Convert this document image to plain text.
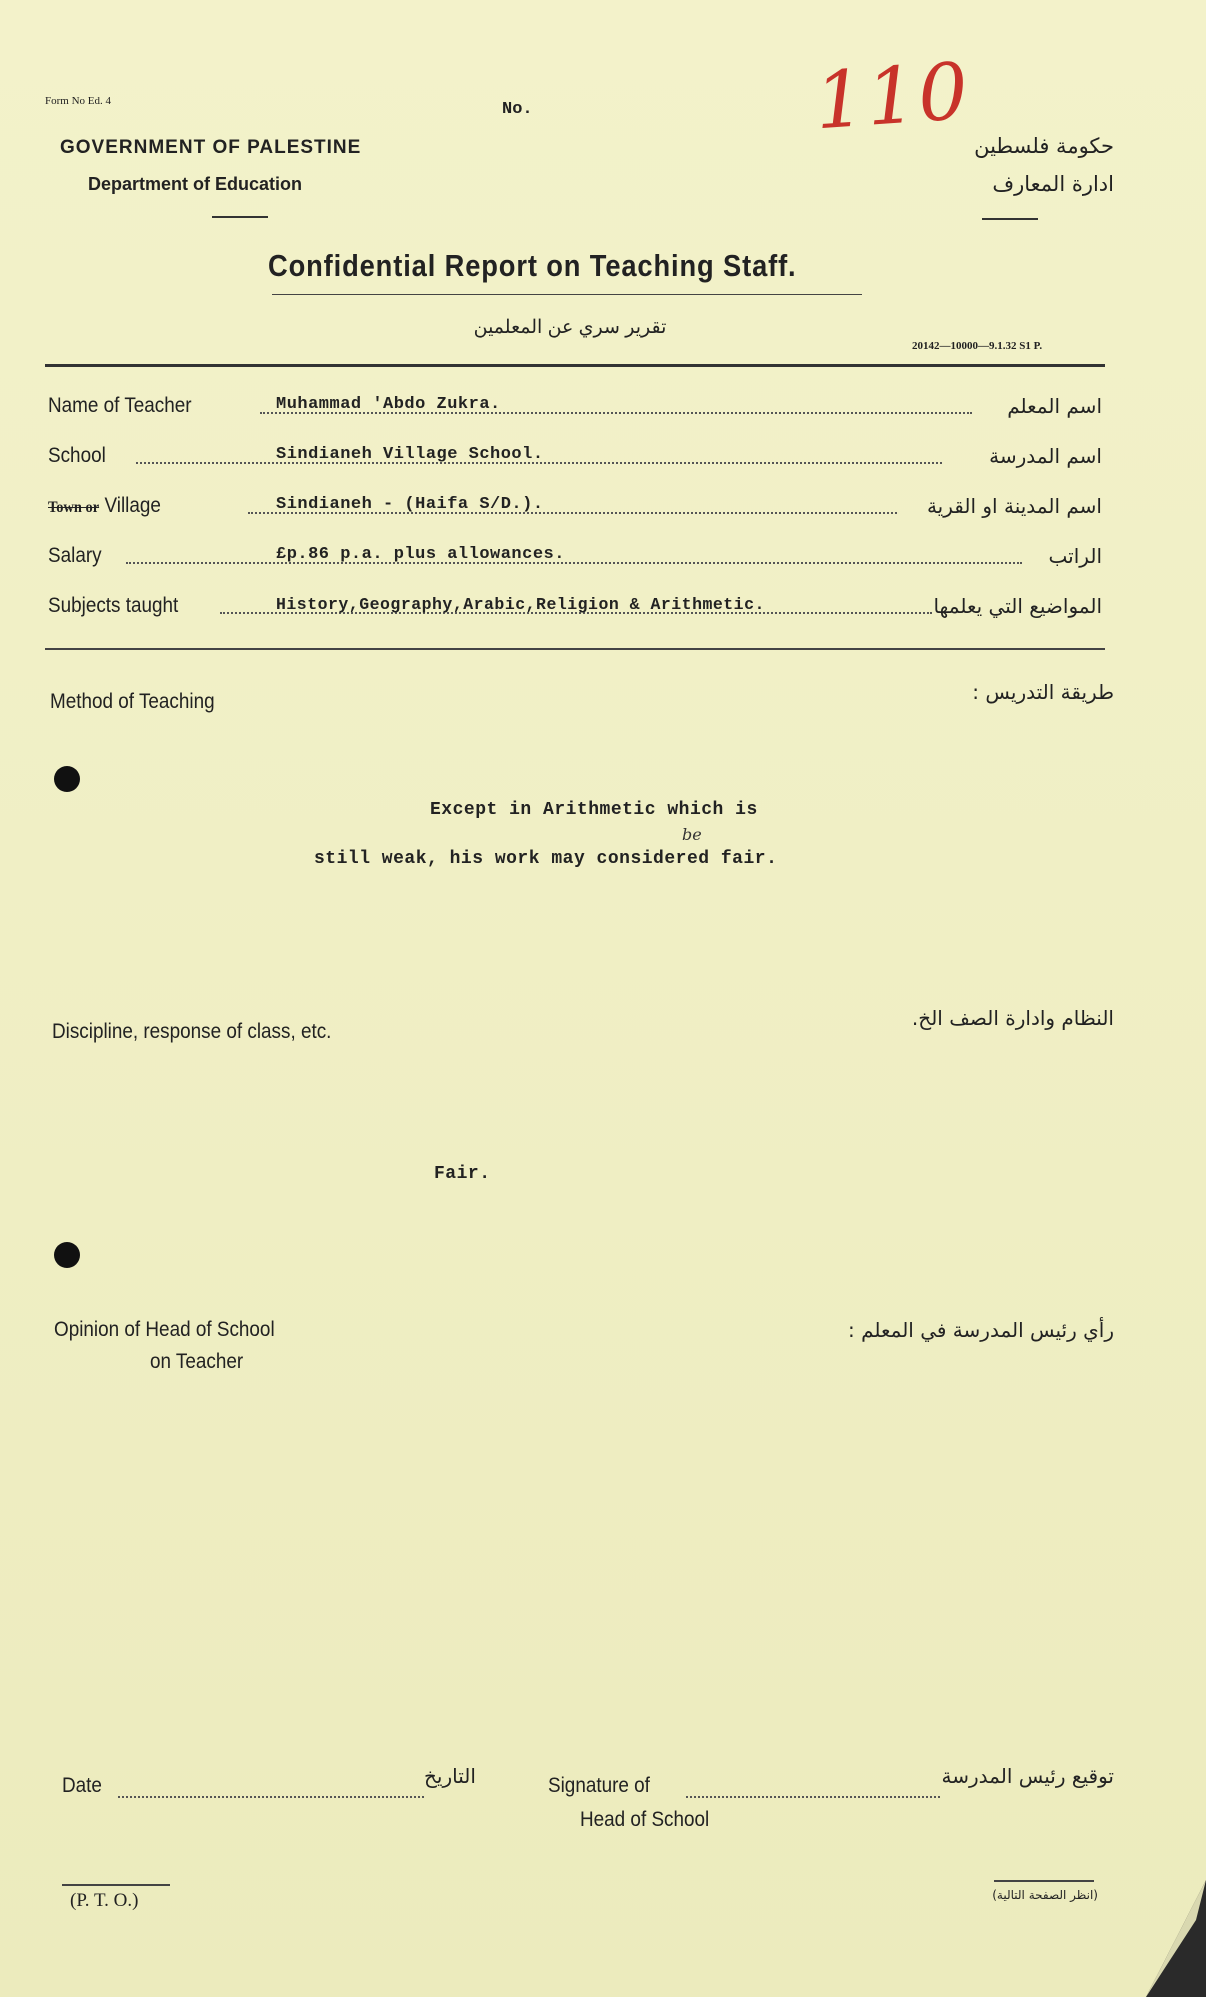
Form No Ed. 4	No.	110
GOVERNMENT OF PALESTINE
Department of Education
حكومة فلسطين
ادارة المعارف
Confidential Report on Teaching Staff.
تقرير سري عن المعلمين
20142—10000—9.1.32 S1 P.
Name of Teacher	Muhammad 'Abdo Zukra.	اسم المعلم
School	Sindianeh Village School.	اسم المدرسة
Town or Village	Sindianeh - (Haifa S/D.).	اسم المدينة او القرية
Salary	£p.86 p.a. plus allowances.	الراتب
Subjects taught	History,Geography,Arabic,Religion & Arithmetic.	المواضيع التي يعلمها
Method of Teaching	طريقة التدريس :
Except in Arithmetic which is
be
still weak, his work may considered fair.
Discipline, response of class, etc.
النظام وادارة الصف الخ.
Fair.
Opinion of Head of School
on Teacher
رأي رئيس المدرسة في المعلم :
Date	التاريخ	Signature of
Head of School
توقيع رئيس المدرسة
(P. T. O.)	(انظر الصفحة التالية)
